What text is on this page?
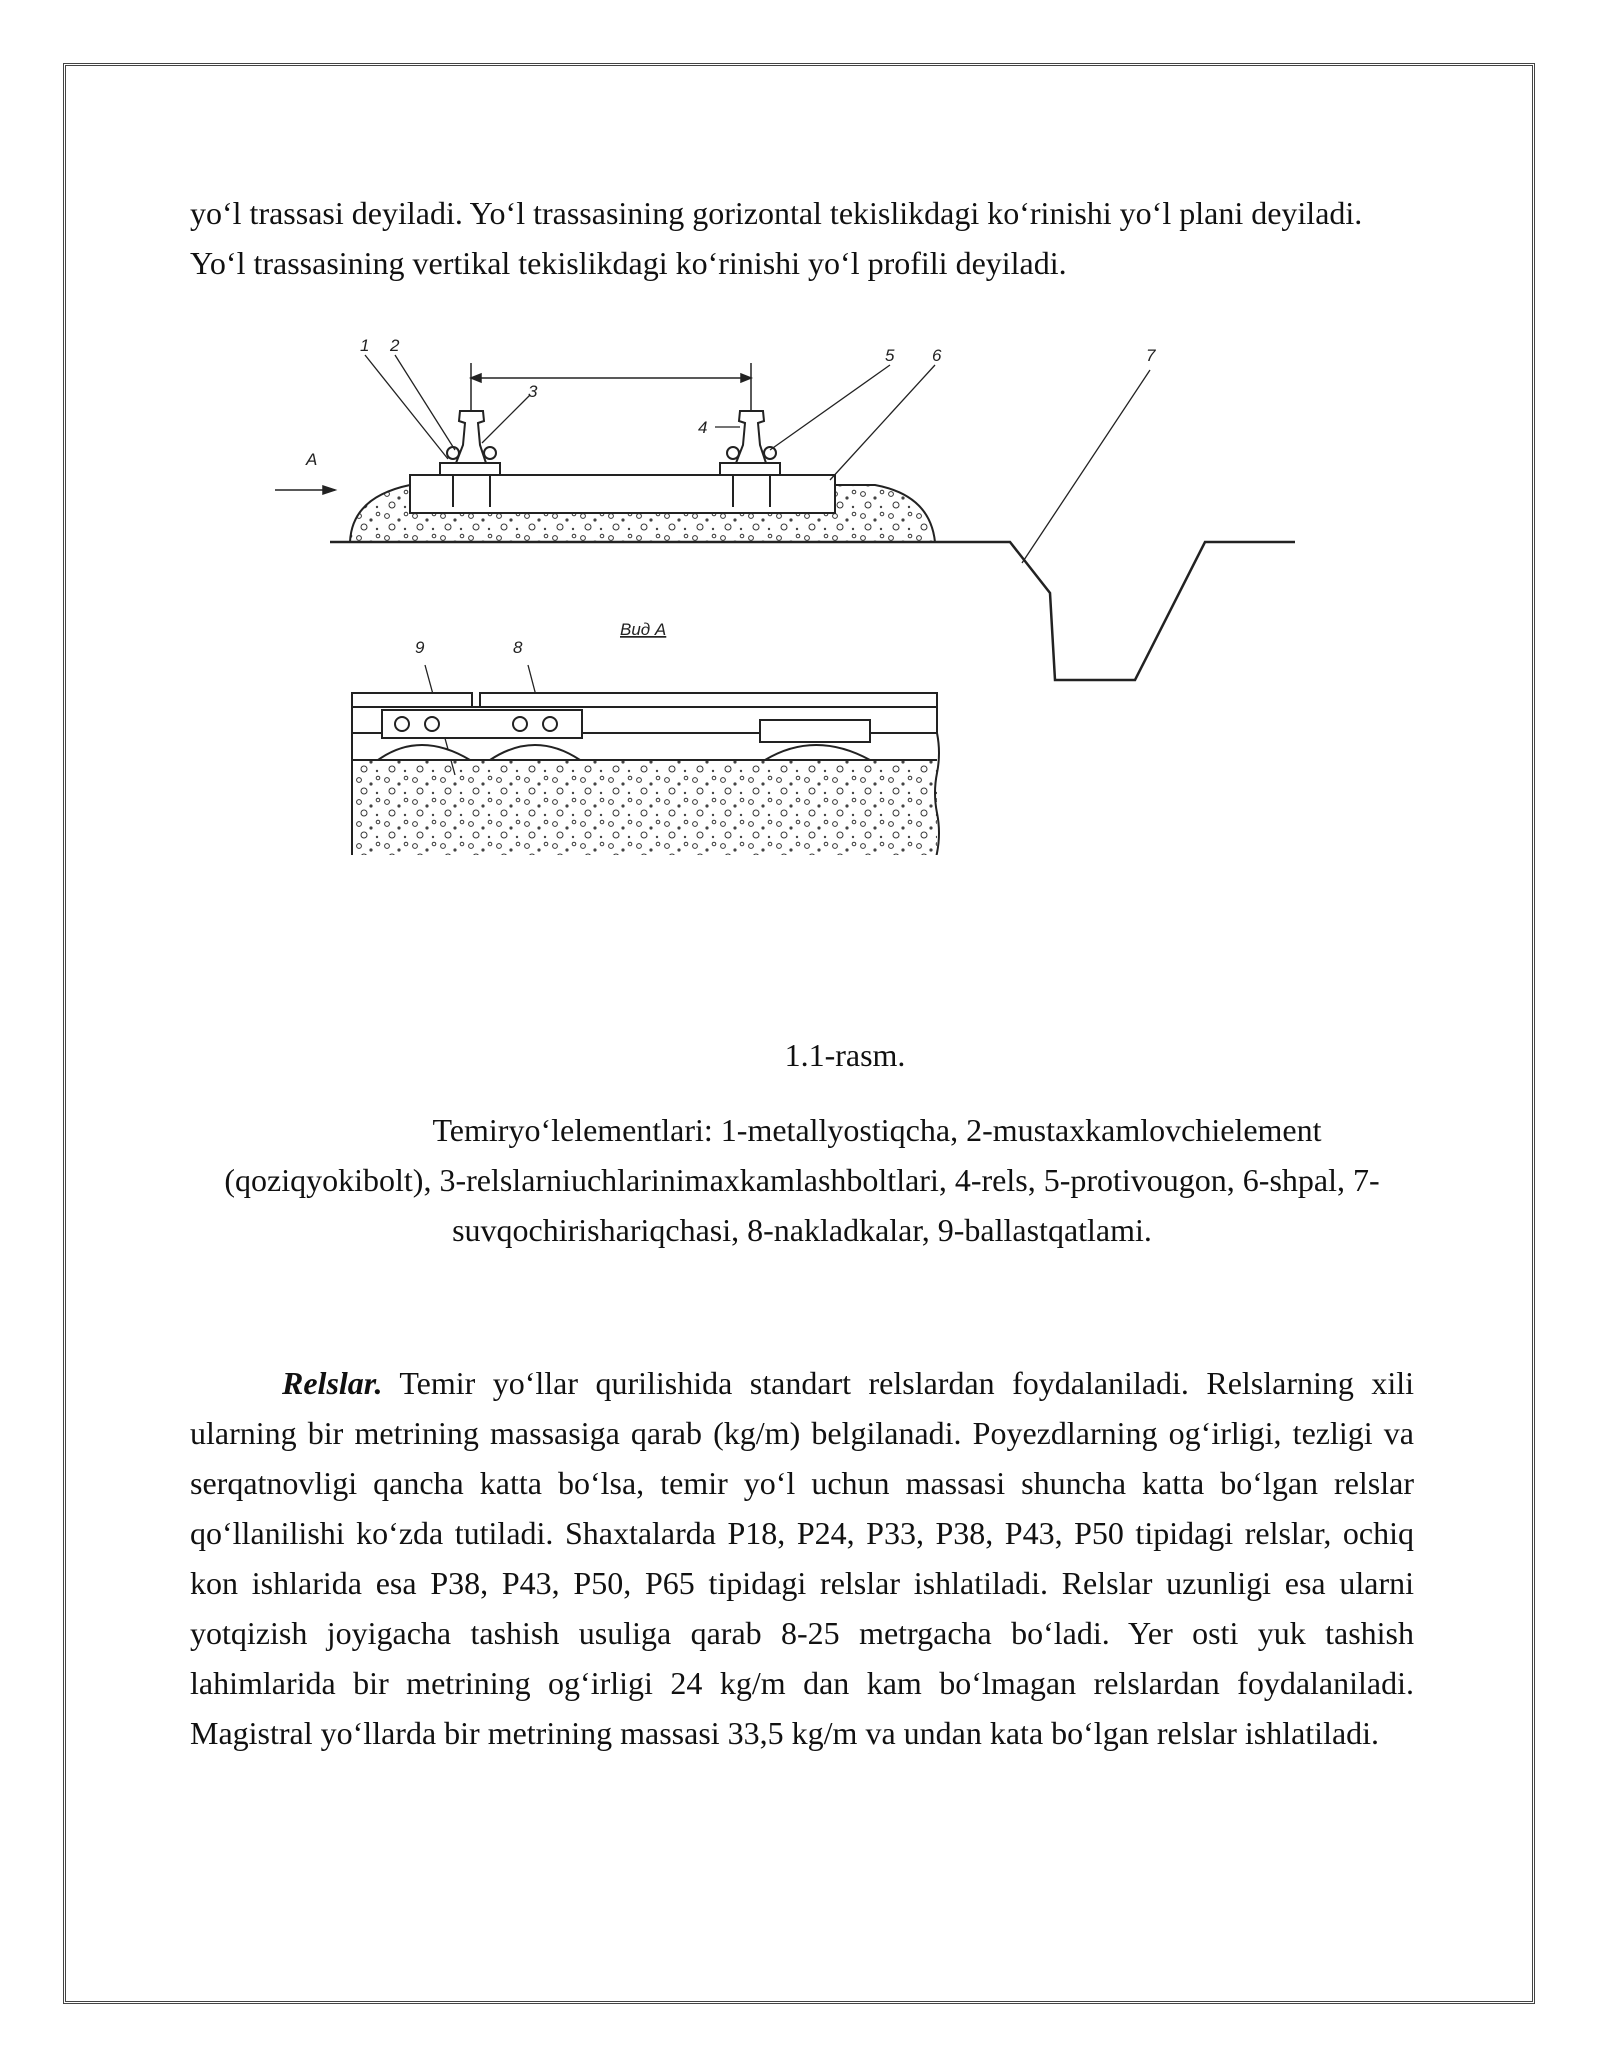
yo‘l trassasi deyiladi. Yo‘l trassasining gorizontal tekislikdagi ko‘rinishi yo‘l plani deyiladi. Yo‘l trassasining vertikal tekislikdagi ko‘rinishi yo‘l profili deyiladi.

1 2
3
4
5 6	7
A
Вид А
9	8
1.1-rasm.
Temiryo‘lelementlari: 1-metallyostiqcha, 2-mustaxkamlovchielement (qoziqyokibolt), 3-relslarniuchlarinimaxkamlashboltlari, 4-rels, 5-protivougon, 6-shpal, 7-suvqochirishariqchasi, 8-nakladkalar, 9-ballastqatlami.

Relslar. Temir yo‘llar qurilishida standart relslardan foydalaniladi. Relslarning xili ularning bir metrining massasiga qarab (kg/m) belgilanadi. Poyezdlarning og‘irligi, tezligi va serqatnovligi qancha katta bo‘lsa, temir yo‘l uchun massasi shuncha katta bo‘lgan relslar qo‘llanilishi ko‘zda tutiladi. Shaxtalarda P18, P24, P33, P38, P43, P50 tipidagi relslar, ochiq kon ishlarida esa P38, P43, P50, P65 tipidagi relslar ishlatiladi. Relslar uzunligi esa ularni yotqizish joyigacha tashish usuliga qarab 8-25 metrgacha bo‘ladi. Yer osti yuk tashish lahimlarida bir metrining og‘irligi 24 kg/m dan kam bo‘lmagan relslardan foydalaniladi. Magistral yo‘llarda bir metrining massasi 33,5 kg/m va undan kata bo‘lgan relslar ishlatiladi.
